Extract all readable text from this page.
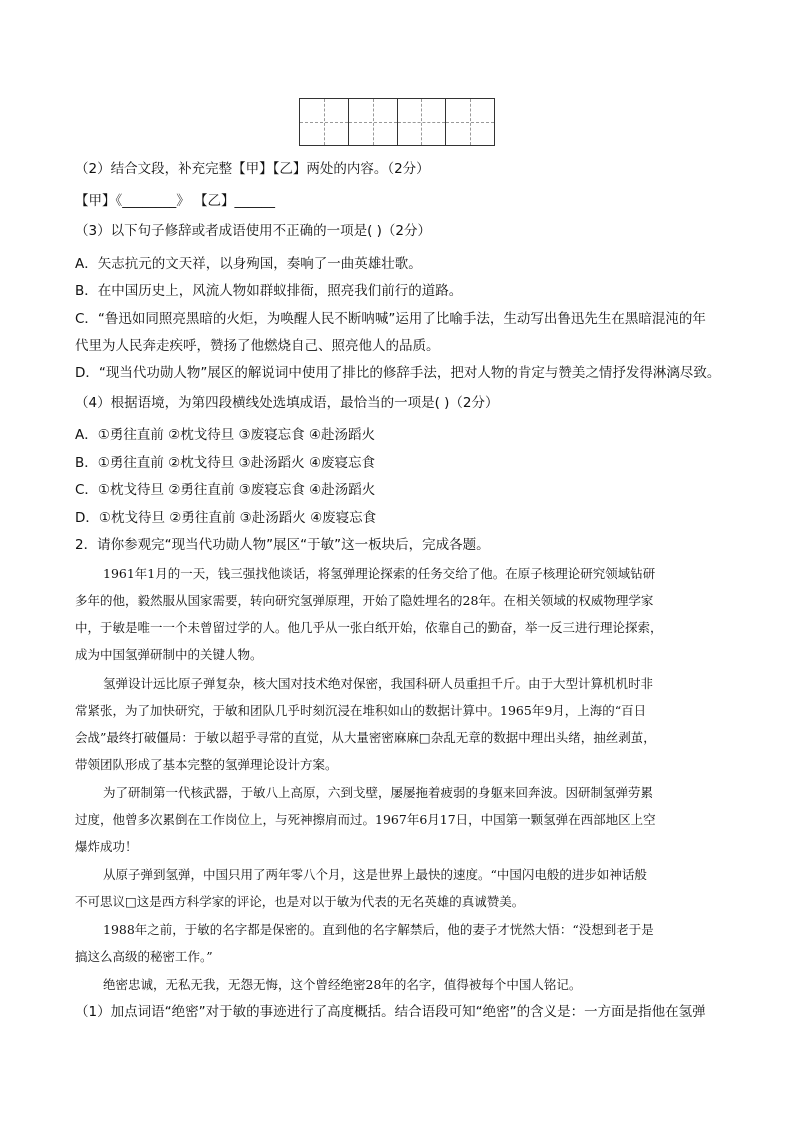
（2）结合文段，补充完整【甲】【乙】两处的内容。（2分）
【甲】《________》 【乙】______
（3）以下句子修辞或者成语使用不正确的一项是( )（2分）
A．矢志抗元的文天祥，以身殉国，奏响了一曲英雄壮歌。
B．在中国历史上，风流人物如群蚁排衙，照亮我们前行的道路。
C．“鲁迅如同照亮黑暗的火炬，为唤醒人民不断呐喊”运用了比喻手法，生动写出鲁迅先生在黑暗混沌的年
代里为人民奔走疾呼，赞扬了他燃烧自己、照亮他人的品质。
D．“现当代功勋人物”展区的解说词中使用了排比的修辞手法，把对人物的肯定与赞美之情抒发得淋漓尽致。
（4）根据语境，为第四段横线处选填成语，最恰当的一项是( )（2分）
A．①勇往直前 ②枕戈待旦 ③废寝忘食 ④赴汤蹈火
B．①勇往直前 ②枕戈待旦 ③赴汤蹈火 ④废寝忘食
C．①枕戈待旦 ②勇往直前 ③废寝忘食 ④赴汤蹈火
D．①枕戈待旦 ②勇往直前 ③赴汤蹈火 ④废寝忘食
2．请你参观完“现当代功勋人物”展区“于敏”这一板块后，完成各题。
1961年1月的一天，钱三强找他谈话，将氢弹理论探索的任务交给了他。在原子核理论研究领域钻研
多年的他，毅然服从国家需要，转向研究氢弹原理，开始了隐姓埋名的28年。在相关领域的权威物理学家
中，于敏是唯一一个未曾留过学的人。他几乎从一张白纸开始，依靠自己的勤奋，举一反三进行理论探索，
成为中国氢弹研制中的关键人物。
氢弹设计远比原子弹复杂，核大国对技术绝对保密，我国科研人员重担千斤。由于大型计算机机时非
常紧张，为了加快研究，于敏和团队几乎时刻沉浸在堆积如山的数据计算中。1965年9月，上海的“百日
会战”最终打破僵局：于敏以超乎寻常的直觉，从大量密密麻麻□杂乱无章的数据中理出头绪，抽丝剥茧，
带领团队形成了基本完整的氢弹理论设计方案。
为了研制第一代核武器，于敏八上高原，六到戈壁，屡屡拖着疲弱的身躯来回奔波。因研制氢弹劳累
过度，他曾多次累倒在工作岗位上，与死神擦肩而过。1967年6月17日，中国第一颗氢弹在西部地区上空
爆炸成功！
从原子弹到氢弹，中国只用了两年零八个月，这是世界上最快的速度。“中国闪电般的进步如神话般
不可思议□这是西方科学家的评论，也是对以于敏为代表的无名英雄的真诚赞美。
1988年之前，于敏的名字都是保密的。直到他的名字解禁后，他的妻子才恍然大悟：“没想到老于是
搞这么高级的秘密工作。”
绝密忠诚，无私无我，无怨无悔，这个曾经绝密28年的名字，值得被每个中国人铭记。
（1）加点词语“绝密”对于敏的事迹进行了高度概括。结合语段可知“绝密”的含义是：一方面是指他在氢弹
